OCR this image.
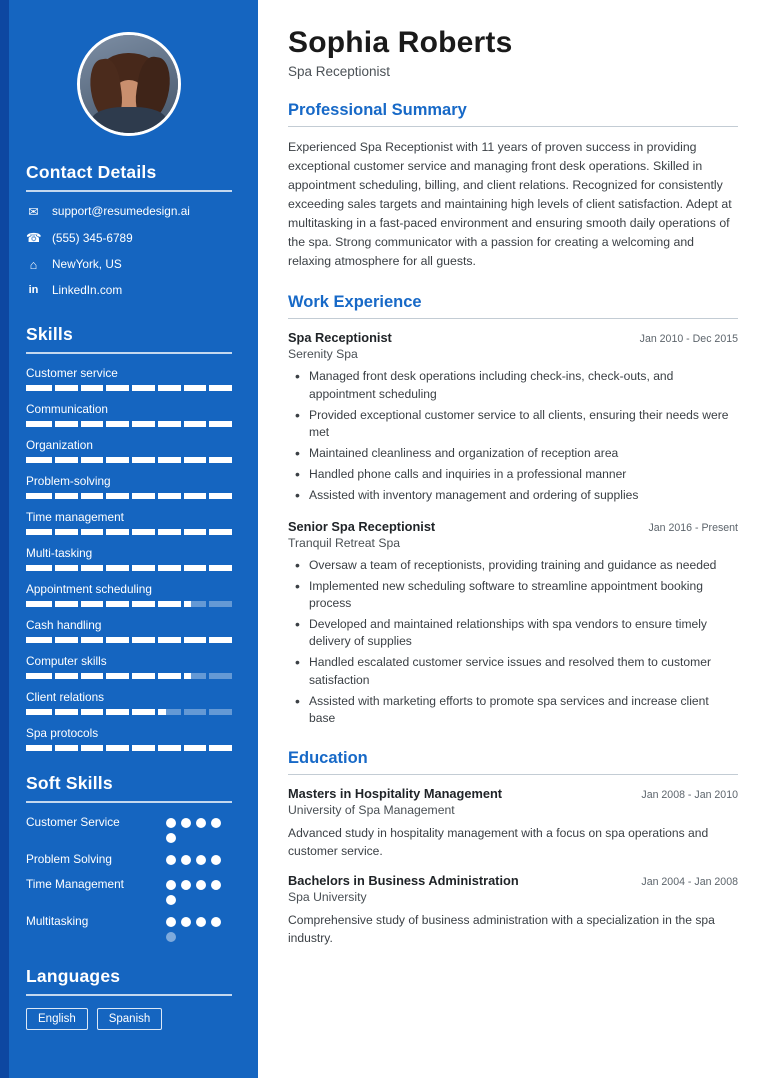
Contact Details
✉ support@resumedesign.ai
☎ (555) 345-6789
⌂	NewYork, US
in LinkedIn.com
Skills
Customer service
Communication
Organization
Problem-solving
Time management
Multi-tasking
Appointment scheduling
Cash handling
Computer skills
Client relations
Spa protocols
Soft Skills
Customer Service
Problem Solving
Time Management
Multitasking
Languages
English	Spanish
Sophia Roberts
Spa Receptionist
Professional Summary
Experienced Spa Receptionist with 11 years of proven success in providing exceptional customer service and managing front desk operations. Skilled in appointment scheduling, billing, and client relations. Recognized for consistently exceeding sales targets and maintaining high levels of client satisfaction. Adept at multitasking in a fast-paced environment and ensuring smooth daily operations of the spa. Strong communicator with a passion for creating a welcoming and relaxing atmosphere for all guests.
Work Experience
Spa Receptionist	Jan 2010 - Dec 2015
Serenity Spa
• Managed front desk operations including check-ins, check-outs, and appointment scheduling
• Provided exceptional customer service to all clients, ensuring their needs were met
• Maintained cleanliness and organization of reception area
• Handled phone calls and inquiries in a professional manner
• Assisted with inventory management and ordering of supplies
Senior Spa Receptionist	Jan 2016 - Present
Tranquil Retreat Spa
• Oversaw a team of receptionists, providing training and guidance as needed
• Implemented new scheduling software to streamline appointment booking process
• Developed and maintained relationships with spa vendors to ensure timely delivery of supplies
• Handled escalated customer service issues and resolved them to customer satisfaction
• Assisted with marketing efforts to promote spa services and increase client base
Education
Masters in Hospitality Management	Jan 2008 - Jan 2010
University of Spa Management
Advanced study in hospitality management with a focus on spa operations and customer service.
Bachelors in Business Administration	Jan 2004 - Jan 2008
Spa University
Comprehensive study of business administration with a specialization in the spa industry.
